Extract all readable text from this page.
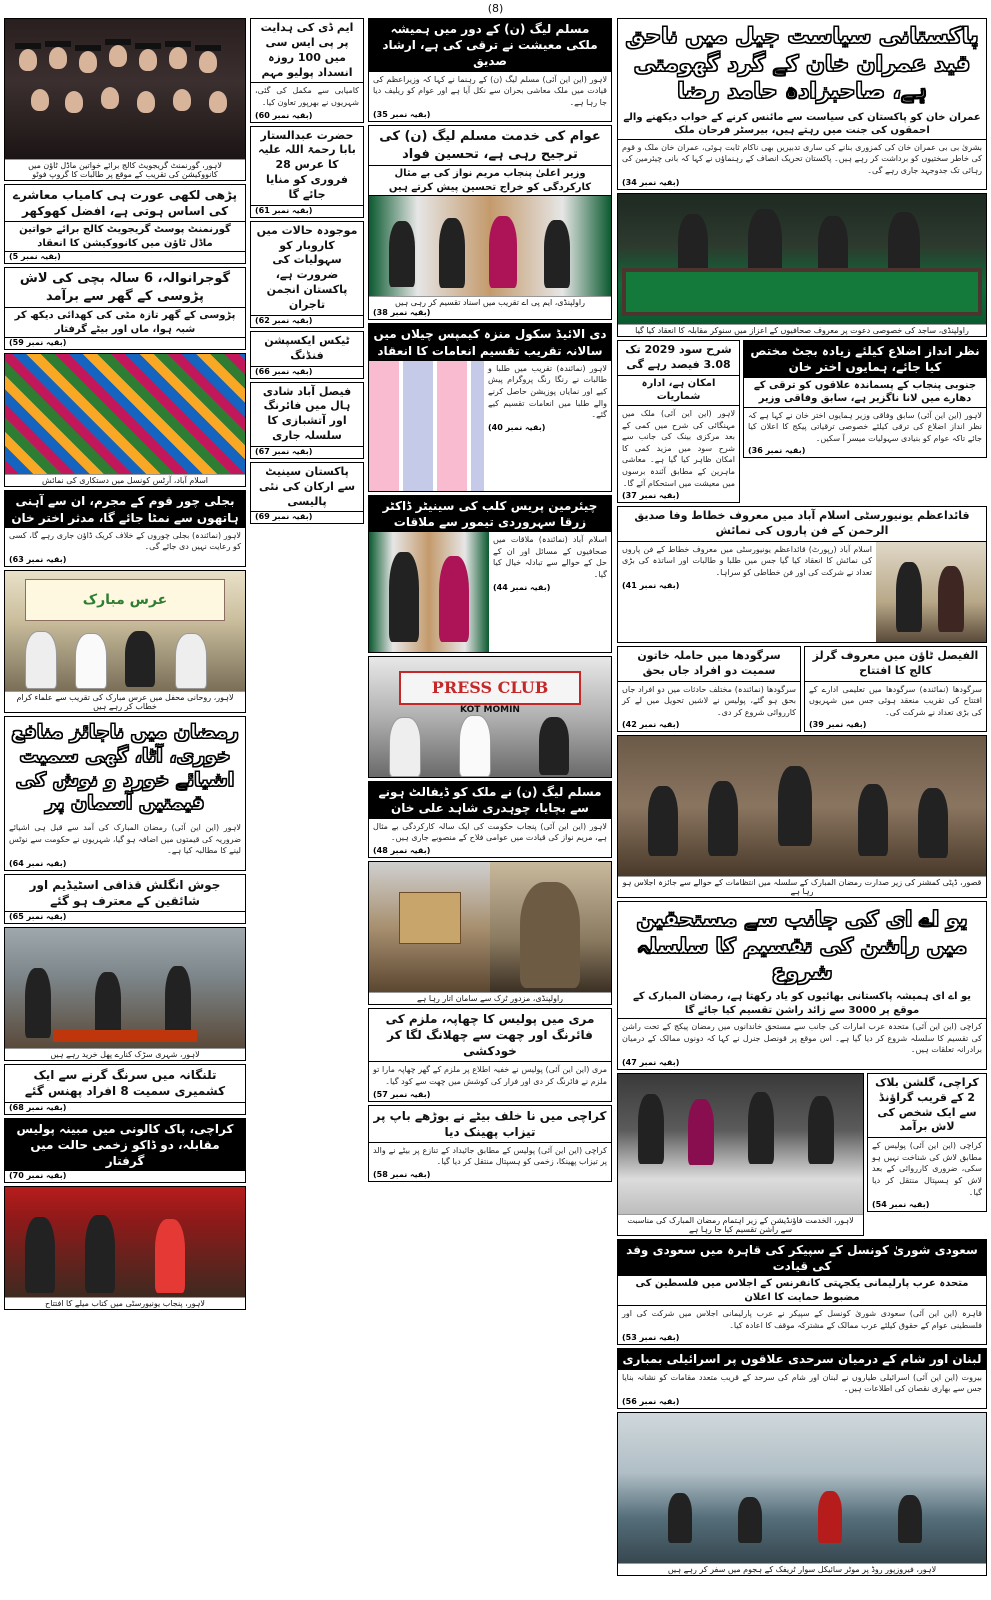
(8)
پاکستانی سیاست جیل میں ناحق قید عمران خان کے گرد گھومتی ہے، صاحبزادہ حامد رضا
عمران خان کو پاکستان کی سیاست سے مائنس کرنے کے خواب دیکھنے والے احمقوں کی جنت میں رہتے ہیں، بیرسٹر فرحان ملک
بشریٰ بی بی عمران خان کی کمزوری بنانے کی ساری تدبیریں بھی ناکام ثابت ہوئی، عمران خان ملک و قوم کی خاطر سختیوں کو برداشت کر رہے ہیں۔ پاکستان تحریک انصاف کے رہنماؤں نے کہا کہ بانی چیئرمین کی رہائی تک جدوجہد جاری رہے گی۔
(بقیہ نمبر 34)
راولپنڈی، ساجد کی خصوصی دعوت پر معروف صحافیوں کے اعزاز میں سنوکر مقابلہ کا انعقاد کیا گیا
نظر انداز اضلاع کیلئے زیادہ بجٹ مختص کیا جائے، ہمایوں اختر خان
جنوبی پنجاب کے پسماندہ علاقوں کو ترقی کے دھارے میں لانا ناگزیر ہے، سابق وفاقی وزیر
لاہور (این این آئی) سابق وفاقی وزیر ہمایوں اختر خان نے کہا ہے کہ نظر انداز اضلاع کی ترقی کیلئے خصوصی ترقیاتی پیکج کا اعلان کیا جائے تاکہ عوام کو بنیادی سہولیات میسر آ سکیں۔
(بقیہ نمبر 36)
شرح سود 2029 تک 3.08 فیصد رہے گی
امکان ہے، ادارہ شماریات
لاہور (این این آئی) ملک میں مہنگائی کی شرح میں کمی کے بعد مرکزی بینک کی جانب سے شرح سود میں مزید کمی کا امکان ظاہر کیا گیا ہے۔ معاشی ماہرین کے مطابق آئندہ برسوں میں معیشت میں استحکام آئے گا۔
(بقیہ نمبر 37)
قائداعظم یونیورسٹی اسلام آباد میں معروف خطاط وفا صدیق الرحمن کے فن پاروں کی نمائش
اسلام آباد (رپورٹ) قائداعظم یونیورسٹی میں معروف خطاط کے فن پاروں کی نمائش کا انعقاد کیا گیا جس میں طلبا و طالبات اور اساتذہ کی بڑی تعداد نے شرکت کی اور فن خطاطی کو سراہا۔
(بقیہ نمبر 41)
الفیصل ٹاؤن میں معروف گرلز کالج کا افتتاح
سرگودھا (نمائندہ) سرگودھا میں تعلیمی ادارے کے افتتاح کی تقریب منعقد ہوئی جس میں شہریوں کی بڑی تعداد نے شرکت کی۔
(بقیہ نمبر 39)
سرگودھا میں حاملہ خاتون سمیت دو افراد جاں بحق
سرگودھا (نمائندہ) مختلف حادثات میں دو افراد جاں بحق ہو گئے، پولیس نے لاشیں تحویل میں لے کر کارروائی شروع کر دی۔
(بقیہ نمبر 42)
قصور، ڈپٹی کمشنر کی زیر صدارت رمضان المبارک کے سلسلہ میں انتظامات کے حوالے سے جائزہ اجلاس ہو رہا ہے
یو اے ای کی جانب سے مستحقین میں راشن کی تقسیم کا سلسلہ شروع
یو اے ای ہمیشہ پاکستانی بھائیوں کو یاد رکھتا ہے، رمضان المبارک کے موقع پر 3000 سے زائد راشن تقسیم کیا جائے گا
کراچی (این این آئی) متحدہ عرب امارات کی جانب سے مستحق خاندانوں میں رمضان پیکج کے تحت راشن کی تقسیم کا سلسلہ شروع کر دیا گیا ہے۔ اس موقع پر قونصل جنرل نے کہا کہ دونوں ممالک کے درمیان برادرانہ تعلقات ہیں۔
(بقیہ نمبر 47)
کراچی، گلشن بلاک 2 کے قریب گراؤنڈ سے ایک شخص کی لاش برآمد
کراچی (این این آئی) پولیس کے مطابق لاش کی شناخت نہیں ہو سکی، ضروری کارروائی کے بعد لاش کو ہسپتال منتقل کر دیا گیا۔
(بقیہ نمبر 54)
لاہور، الخدمت فاؤنڈیشن کے زیر اہتمام رمضان المبارک کی مناسبت سے راشن تقسیم کیا جا رہا ہے
سعودی شوریٰ کونسل کے سپیکر کی قاہرہ میں سعودی وفد کی قیادت
متحدہ عرب پارلیمانی یکجہتی کانفرنس کے اجلاس میں فلسطین کی مضبوط حمایت کا اعلان
قاہرہ (این این آئی) سعودی شوریٰ کونسل کے سپیکر نے عرب پارلیمانی اجلاس میں شرکت کی اور فلسطینی عوام کے حقوق کیلئے عرب ممالک کے مشترکہ موقف کا اعادہ کیا۔
(بقیہ نمبر 53)
لبنان اور شام کے درمیان سرحدی علاقوں پر اسرائیلی بمباری
بیروت (این این آئی) اسرائیلی طیاروں نے لبنان اور شام کی سرحد کے قریب متعدد مقامات کو نشانہ بنایا جس سے بھاری نقصان کی اطلاعات ہیں۔
(بقیہ نمبر 56)
لاہور، فیروزپور روڈ پر موٹر سائیکل سوار ٹریفک کے ہجوم میں سفر کر رہے ہیں
مسلم لیگ (ن) کے دور میں ہمیشہ ملکی معیشت نے ترقی کی ہے، ارشاد صدیق
لاہور (این این آئی) مسلم لیگ (ن) کے رہنما نے کہا کہ وزیراعظم کی قیادت میں ملک معاشی بحران سے نکل آیا ہے اور عوام کو ریلیف دیا جا رہا ہے۔
(بقیہ نمبر 35)
عوام کی خدمت مسلم لیگ (ن) کی ترجیح رہی ہے، تحسین فواد
وزیر اعلیٰ پنجاب مریم نواز کی بے مثال کارکردگی کو خراج تحسین پیش کرتے ہیں
راولپنڈی، ایم پی اے تقریب میں اسناد تقسیم کر رہی ہیں
(بقیہ نمبر 38)
دی الائیڈ سکول منزہ کیمپس چیلاں میں سالانہ تقریب تقسیم انعامات کا انعقاد
لاہور (نمائندہ) تقریب میں طلبا و طالبات نے رنگا رنگ پروگرام پیش کیے اور نمایاں پوزیشن حاصل کرنے والے طلبا میں انعامات تقسیم کیے گئے۔
(بقیہ نمبر 40)
چیئرمین پریس کلب کی سینیٹر ڈاکٹر زرقا سہروردی تیمور سے ملاقات
اسلام آباد (نمائندہ) ملاقات میں صحافیوں کے مسائل اور ان کے حل کے حوالے سے تبادلہ خیال کیا گیا۔
(بقیہ نمبر 44)
PRESS CLUB
KOT MOMIN
مسلم لیگ (ن) نے ملک کو ڈیفالٹ ہونے سے بچایا، چوہدری شاہد علی خان
لاہور (این این آئی) پنجاب حکومت کی ایک سالہ کارکردگی بے مثال ہے، مریم نواز کی قیادت میں عوامی فلاح کے منصوبے جاری ہیں۔
(بقیہ نمبر 48)
راولپنڈی، مزدور ٹرک سے سامان اتار رہا ہے
مری میں پولیس کا چھاپہ، ملزم کی فائرنگ اور چھت سے چھلانگ لگا کر خودکشی
مری (این این آئی) پولیس نے خفیہ اطلاع پر ملزم کے گھر چھاپہ مارا تو ملزم نے فائرنگ کر دی اور فرار کی کوشش میں چھت سے کود گیا۔
(بقیہ نمبر 57)
کراچی میں نا خلف بیٹے نے بوڑھے باپ پر تیزاب پھینک دیا
کراچی (این این آئی) پولیس کے مطابق جائیداد کے تنازع پر بیٹے نے والد پر تیزاب پھینکا، زخمی کو ہسپتال منتقل کر دیا گیا۔
(بقیہ نمبر 58)
ایم ڈی کی ہدایت پر پی ایس سی میں 100 روزہ انسداد پولیو مہم
کامیابی سے مکمل کی گئی، شہریوں نے بھرپور تعاون کیا۔
(بقیہ نمبر 60)
حضرت عبدالستار بابا رحمۃ اللہ علیہ کا عرس 28 فروری کو منایا جائے گا
(بقیہ نمبر 61)
موجودہ حالات میں کاروبار کو سہولیات کی ضرورت ہے، پاکستان انجمن تاجران
(بقیہ نمبر 62)
ٹیکس ایکسپشن فنڈنگ
(بقیہ نمبر 66)
فیصل آباد شادی ہال میں فائرنگ اور آتشبازی کا سلسلہ جاری
(بقیہ نمبر 67)
پاکستان سینیٹ سے ارکان کی نئی پالیسی
(بقیہ نمبر 69)
لاہور، گورنمنٹ گریجویٹ کالج برائے خواتین ماڈل ٹاؤن میں کانووکیشن کی تقریب کے موقع پر طالبات کا گروپ فوٹو
پڑھی لکھی عورت ہی کامیاب معاشرے کی اساس ہوتی ہے، افضل کھوکھر
گورنمنٹ پوسٹ گریجویٹ کالج برائے خواتین ماڈل ٹاؤن میں کانووکیشن کا انعقاد
(بقیہ نمبر 5)
گوجرانوالہ، 6 سالہ بچی کی لاش پڑوسی کے گھر سے برآمد
پڑوسی کے گھر تازہ مٹی کی کھدائی دیکھ کر شبہ ہوا، ماں اور بیٹے گرفتار
(بقیہ نمبر 59)
اسلام آباد، آرٹس کونسل میں دستکاری کی نمائش
بجلی چور قوم کے مجرم، ان سے آہنی ہاتھوں سے نمٹا جائے گا، مدثر اختر خان
لاہور (نمائندہ) بجلی چوروں کے خلاف کریک ڈاؤن جاری رہے گا، کسی کو رعایت نہیں دی جائے گی۔
(بقیہ نمبر 63)
عرس مبارک
لاہور، روحانی محفل میں عرس مبارک کی تقریب سے علماء کرام خطاب کر رہے ہیں
رمضان میں ناجائز منافع خوری، آٹا، گھی سمیت اشیائے خورد و نوش کی قیمتیں آسمان پر
لاہور (این این آئی) رمضان المبارک کی آمد سے قبل ہی اشیائے ضروریہ کی قیمتوں میں اضافہ ہو گیا، شہریوں نے حکومت سے نوٹس لینے کا مطالبہ کیا ہے۔
(بقیہ نمبر 64)
جوش انگلش قذافی اسٹیڈیم اور شائقین کے معترف ہو گئے
(بقیہ نمبر 65)
لاہور، شہری سڑک کنارے پھل خرید رہے ہیں
تلنگانہ میں سرنگ گرنے سے ایک کشمیری سمیت 8 افراد پھنس گئے
(بقیہ نمبر 68)
کراچی، پاک کالونی میں مبینہ پولیس مقابلہ، دو ڈاکو زخمی حالت میں گرفتار
(بقیہ نمبر 70)
لاہور، پنجاب یونیورسٹی میں کتاب میلے کا افتتاح
